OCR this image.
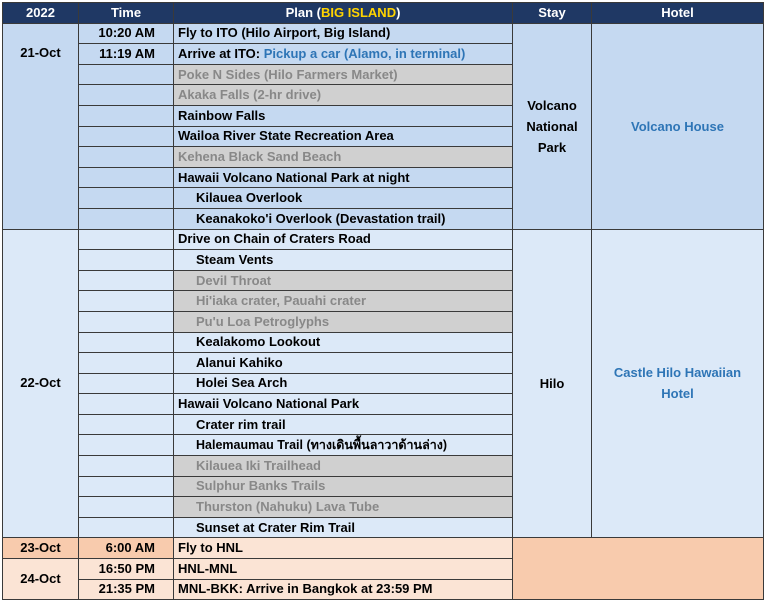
2022	Time	Plan (BIG ISLAND)	Stay	Hotel
21-Oct	10:20 AM	Fly to ITO (Hilo Airport, Big Island)	Volcano National Park	Volcano House
	11:19 AM	Arrive at ITO: Pickup a car (Alamo, in terminal)		
		Poke N Sides (Hilo Farmers Market)		
		Akaka Falls (2-hr drive)		
		Rainbow Falls		
		Wailoa River State Recreation Area		
		Kehena Black Sand Beach		
		Hawaii Volcano National Park at night		
		Kilauea Overlook		
		Keanakoko'i Overlook (Devastation trail)		
22-Oct		Drive on Chain of Craters Road	Hilo	Castle Hilo Hawaiian Hotel
		Steam Vents		
		Devil Throat		
		Hi'iaka crater, Pauahi crater		
		Pu'u Loa Petroglyphs		
		Kealakomo Lookout		
		Alanui Kahiko		
		Holei Sea Arch		
		Hawaii Volcano National Park		
		Crater rim trail		
		Halemaumau Trail (ทางเดินพื้นลาวาด้านล่าง)		
		Kilauea Iki Trailhead		
		Sulphur Banks Trails		
		Thurston (Nahuku) Lava Tube		
		Sunset at Crater Rim Trail		
23-Oct	6:00 AM	Fly to HNL		
24-Oct	16:50 PM	HNL-MNL		
	21:35 PM	MNL-BKK: Arrive in Bangkok at 23:59 PM		
